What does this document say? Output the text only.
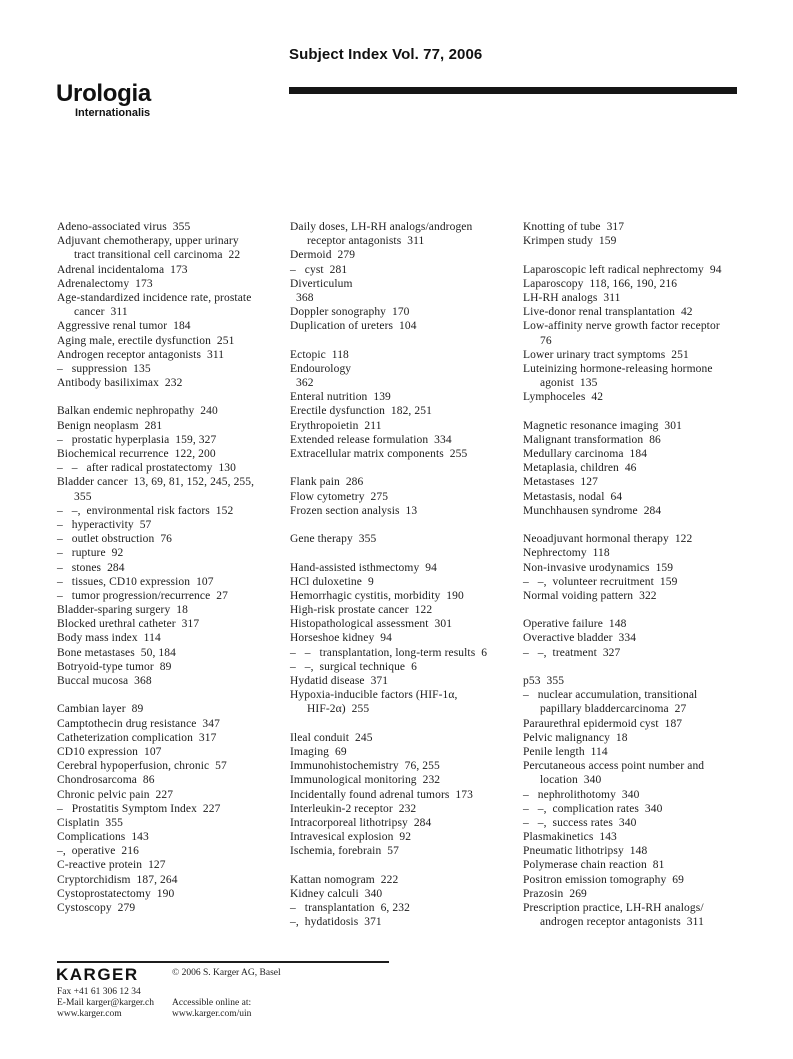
Urologia
Internationalis
Subject Index Vol. 77, 2006
Adeno-associated virus  355
Adjuvant chemotherapy, upper urinary
tract transitional cell carcinoma  22
Adrenal incidentaloma  173
Adrenalectomy  173
Age-standardized incidence rate, prostate
cancer  311
Aggressive renal tumor  184
Aging male, erectile dysfunction  251
Androgen receptor antagonists  311
–   suppression  135
Antibody basiliximax  232

Balkan endemic nephropathy  240
Benign neoplasm  281
–   prostatic hyperplasia  159, 327
Biochemical recurrence  122, 200
–   –   after radical prostatectomy  130
Bladder cancer  13, 69, 81, 152, 245, 255,
355
–   –,  environmental risk factors  152
–   hyperactivity  57
–   outlet obstruction  76
–   rupture  92
–   stones  284
–   tissues, CD10 expression  107
–   tumor progression/recurrence  27
Bladder-sparing surgery  18
Blocked urethral catheter  317
Body mass index  114
Bone metastases  50, 184
Botryoid-type tumor  89
Buccal mucosa  368

Cambian layer  89
Camptothecin drug resistance  347
Catheterization complication  317
CD10 expression  107
Cerebral hypoperfusion, chronic  57
Chondrosarcoma  86
Chronic pelvic pain  227
–   Prostatitis Symptom Index  227
Cisplatin  355
Complications  143
–,  operative  216
C-reactive protein  127
Cryptorchidism  187, 264
Cystoprostatectomy  190
Cystoscopy  279
Daily doses, LH-RH analogs/androgen
receptor antagonists  311
Dermoid  279
–   cyst  281
Diverticulum
368
Doppler sonography  170
Duplication of ureters  104

Ectopic  118
Endourology
362
Enteral nutrition  139
Erectile dysfunction  182, 251
Erythropoietin  211
Extended release formulation  334
Extracellular matrix components  255

Flank pain  286
Flow cytometry  275
Frozen section analysis  13

Gene therapy  355

Hand-assisted isthmectomy  94
HCl duloxetine  9
Hemorrhagic cystitis, morbidity  190
High-risk prostate cancer  122
Histopathological assessment  301
Horseshoe kidney  94
–   –   transplantation, long-term results  6
–   –,  surgical technique  6
Hydatid disease  371
Hypoxia-inducible factors (HIF-1α,
HIF-2α)  255

Ileal conduit  245
Imaging  69
Immunohistochemistry  76, 255
Immunological monitoring  232
Incidentally found adrenal tumors  173
Interleukin-2 receptor  232
Intracorporeal lithotripsy  284
Intravesical explosion  92
Ischemia, forebrain  57

Kattan nomogram  222
Kidney calculi  340
–   transplantation  6, 232
–,  hydatidosis  371
Knotting of tube  317
Krimpen study  159

Laparoscopic left radical nephrectomy  94
Laparoscopy  118, 166, 190, 216
LH-RH analogs  311
Live-donor renal transplantation  42
Low-affinity nerve growth factor receptor
76
Lower urinary tract symptoms  251
Luteinizing hormone-releasing hormone
agonist  135
Lymphoceles  42

Magnetic resonance imaging  301
Malignant transformation  86
Medullary carcinoma  184
Metaplasia, children  46
Metastases  127
Metastasis, nodal  64
Munchhausen syndrome  284

Neoadjuvant hormonal therapy  122
Nephrectomy  118
Non-invasive urodynamics  159
–   –,  volunteer recruitment  159
Normal voiding pattern  322

Operative failure  148
Overactive bladder  334
–   –,  treatment  327

p53  355
–   nuclear accumulation, transitional
papillary bladdercarcinoma  27
Paraurethral epidermoid cyst  187
Pelvic malignancy  18
Penile length  114
Percutaneous access point number and
location  340
–   nephrolithotomy  340
–   –,  complication rates  340
–   –,  success rates  340
Plasmakinetics  143
Pneumatic lithotripsy  148
Polymerase chain reaction  81
Positron emission tomography  69
Prazosin  269
Prescription practice, LH-RH analogs/
androgen receptor antagonists  311
KARGER	© 2006 S. Karger AG, Basel
Fax +41 61 306 12 34
E-Mail karger@karger.ch
www.karger.com
Accessible online at:
www.karger.com/uin
